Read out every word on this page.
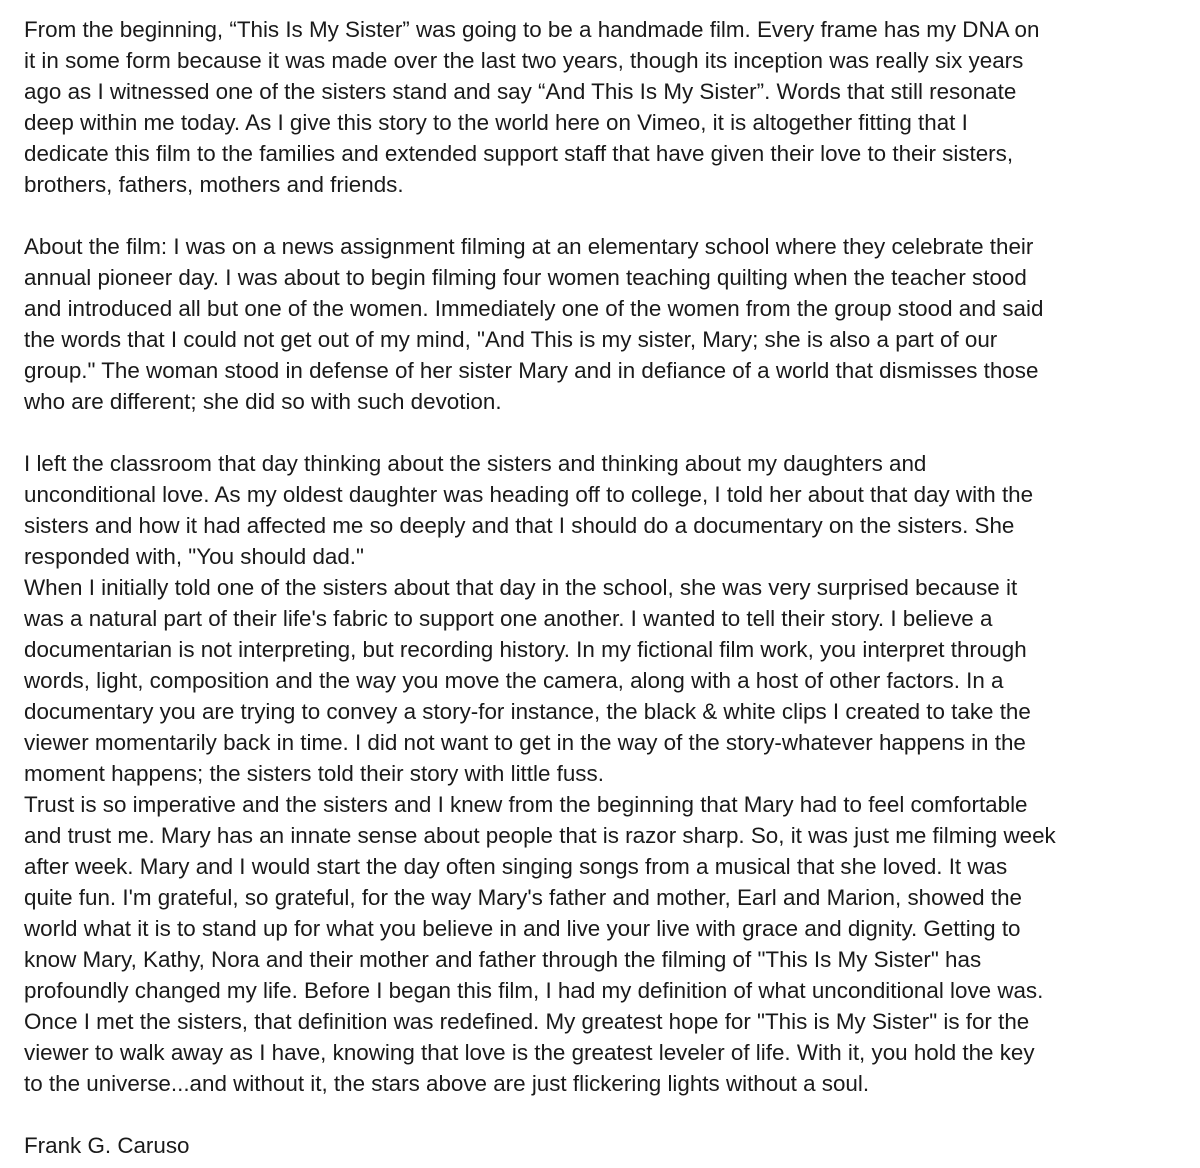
From the beginning, “This Is My Sister” was going to be a handmade film. Every frame has my DNA on
it in some form because it was made over the last two years, though its inception was really six years
ago as I witnessed one of the sisters stand and say “And This Is My Sister”. Words that still resonate
deep within me today. As I give this story to the world here on Vimeo, it is altogether fitting that I
dedicate this film to the families and extended support staff that have given their love to their sisters,
brothers, fathers, mothers and friends.

About the film: I was on a news assignment filming at an elementary school where they celebrate their
annual pioneer day. I was about to begin filming four women teaching quilting when the teacher stood
and introduced all but one of the women. Immediately one of the women from the group stood and said
the words that I could not get out of my mind, "And This is my sister, Mary; she is also a part of our
group." The woman stood in defense of her sister Mary and in defiance of a world that dismisses those
who are different; she did so with such devotion.

I left the classroom that day thinking about the sisters and thinking about my daughters and
unconditional love. As my oldest daughter was heading off to college, I told her about that day with the
sisters and how it had affected me so deeply and that I should do a documentary on the sisters. She
responded with, "You should dad."
When I initially told one of the sisters about that day in the school, she was very surprised because it
was a natural part of their life's fabric to support one another. I wanted to tell their story. I believe a
documentarian is not interpreting, but recording history. In my fictional film work, you interpret through
words, light, composition and the way you move the camera, along with a host of other factors. In a
documentary you are trying to convey a story-for instance, the black & white clips I created to take the
viewer momentarily back in time. I did not want to get in the way of the story-whatever happens in the
moment happens; the sisters told their story with little fuss.
Trust is so imperative and the sisters and I knew from the beginning that Mary had to feel comfortable
and trust me. Mary has an innate sense about people that is razor sharp. So, it was just me filming week
after week. Mary and I would start the day often singing songs from a musical that she loved. It was
quite fun. I'm grateful, so grateful, for the way Mary's father and mother, Earl and Marion, showed the
world what it is to stand up for what you believe in and live your live with grace and dignity. Getting to
know Mary, Kathy, Nora and their mother and father through the filming of "This Is My Sister" has
profoundly changed my life. Before I began this film, I had my definition of what unconditional love was.
Once I met the sisters, that definition was redefined. My greatest hope for "This is My Sister" is for the
viewer to walk away as I have, knowing that love is the greatest leveler of life. With it, you hold the key
to the universe...and without it, the stars above are just flickering lights without a soul.

Frank G. Caruso
